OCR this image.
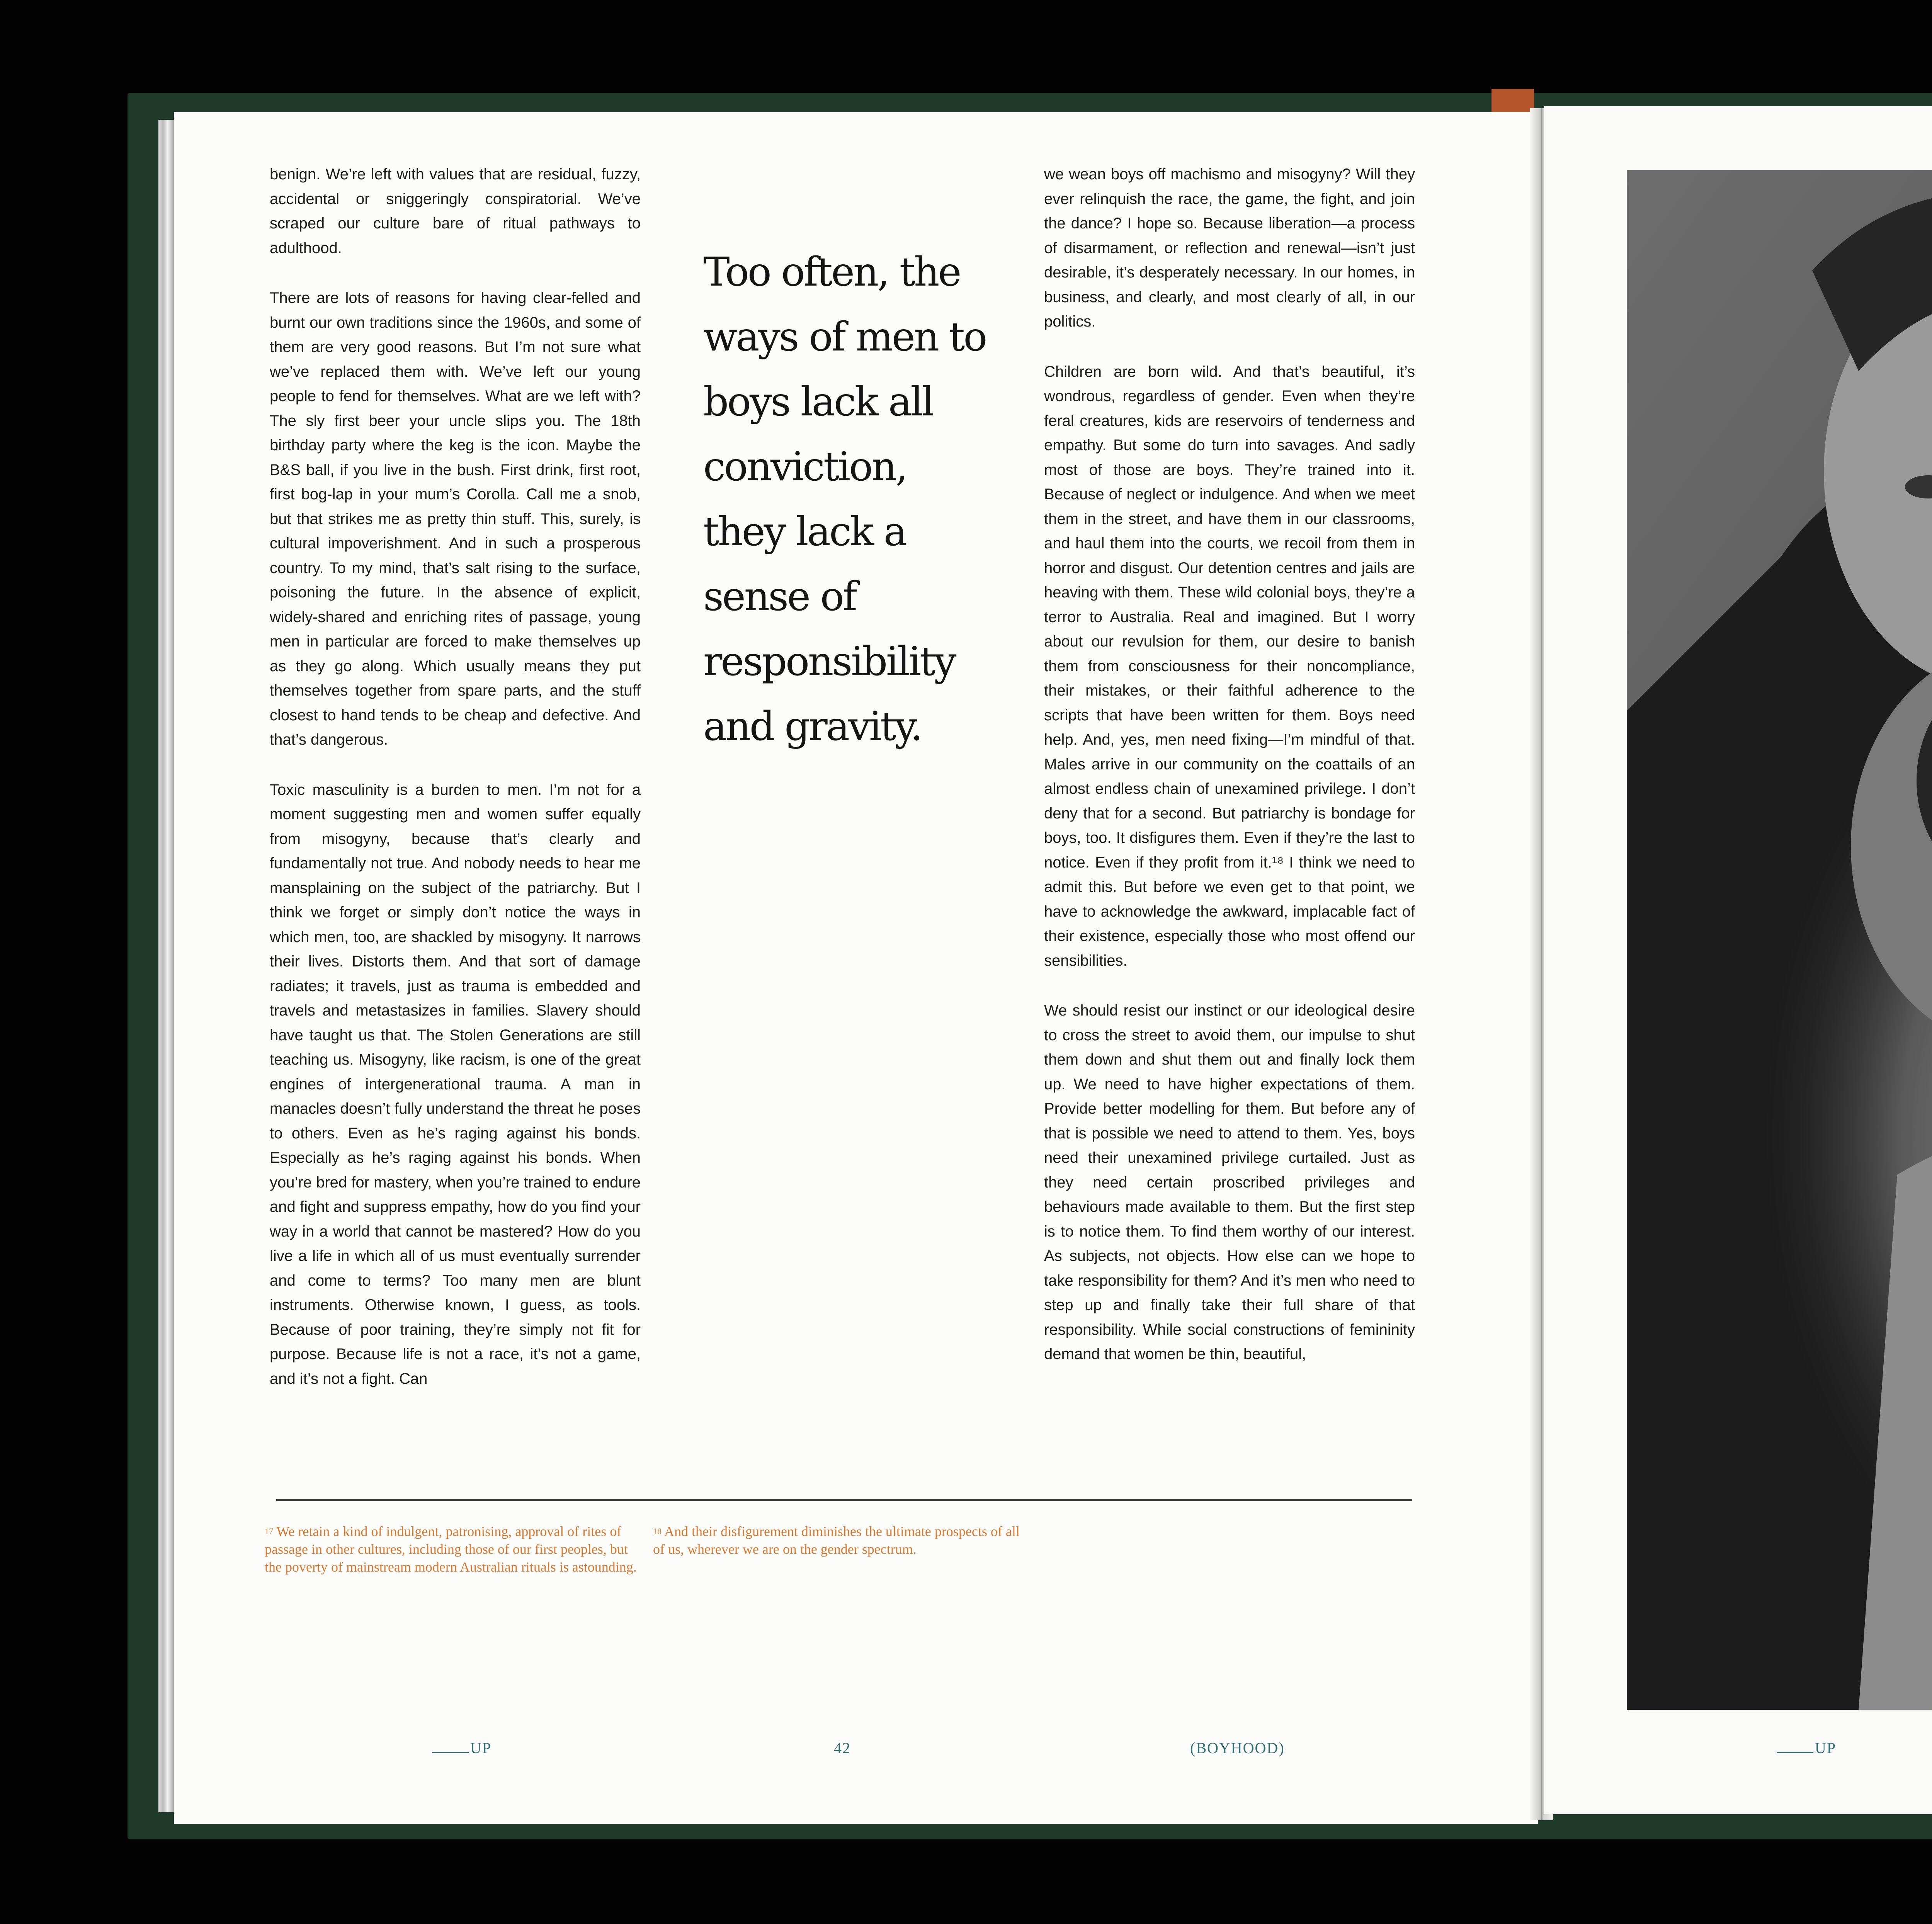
benign. We’re left with values that are residual, fuzzy, accidental or sniggeringly conspiratorial. We’ve scraped our culture bare of ritual pathways to adulthood.

There are lots of reasons for having clear-felled and burnt our own traditions since the 1960s, and some of them are very good reasons. But I’m not sure what we’ve replaced them with. We’ve left our young people to fend for themselves. What are we left with? The sly first beer your uncle slips you. The 18th birthday party where the keg is the icon. Maybe the B&S ball, if you live in the bush. First drink, first root, first bog-lap in your mum’s Corolla. Call me a snob, but that strikes me as pretty thin stuff. This, surely, is cultural impoverishment. And in such a prosperous country. To my mind, that’s salt rising to the surface, poisoning the future. In the absence of explicit, widely-shared and enriching rites of passage, young men in particular are forced to make themselves up as they go along. Which usually means they put themselves together from spare parts, and the stuff closest to hand tends to be cheap and defective. And that’s dangerous.

Toxic masculinity is a burden to men. I’m not for a moment suggesting men and women suffer equally from misogyny, because that’s clearly and fundamentally not true. And nobody needs to hear me mansplaining on the subject of the patriarchy. But I think we forget or simply don’t notice the ways in which men, too, are shackled by misogyny. It narrows their lives. Distorts them. And that sort of damage radiates; it travels, just as trauma is embedded and travels and metastasizes in families. Slavery should have taught us that. The Stolen Generations are still teaching us. Misogyny, like racism, is one of the great engines of intergenerational trauma. A man in manacles doesn’t fully understand the threat he poses to others. Even as he’s raging against his bonds. Especially as he’s raging against his bonds. When you’re bred for mastery, when you’re trained to endure and fight and suppress empathy, how do you find your way in a world that cannot be mastered? How do you live a life in which all of us must eventually surrender and come to terms? Too many men are blunt instruments. Otherwise known, I guess, as tools. Because of poor training, they’re simply not fit for purpose. Because life is not a race, it’s not a game, and it’s not a fight. Can

Too often, the ways of men to boys lack all conviction, they lack a sense of responsibility and gravity.

we wean boys off machismo and misogyny? Will they ever relinquish the race, the game, the fight, and join the dance? I hope so. Because liberation—a process of disarmament, or reflection and renewal—isn’t just desirable, it’s desperately necessary. In our homes, in business, and clearly, and most clearly of all, in our politics.

Children are born wild. And that’s beautiful, it’s wondrous, regardless of gender. Even when they’re feral creatures, kids are reservoirs of tenderness and empathy. But some do turn into savages. And sadly most of those are boys. They’re trained into it. Because of neglect or indulgence. And when we meet them in the street, and have them in our classrooms, and haul them into the courts, we recoil from them in horror and disgust. Our detention centres and jails are heaving with them. These wild colonial boys, they’re a terror to Australia. Real and imagined. But I worry about our revulsion for them, our desire to banish them from consciousness for their noncompliance, their mistakes, or their faithful adherence to the scripts that have been written for them. Boys need help. And, yes, men need fixing—I’m mindful of that. Males arrive in our community on the coattails of an almost endless chain of unexamined privilege. I don’t deny that for a second. But patriarchy is bondage for boys, too. It disfigures them. Even if they’re the last to notice. Even if they profit from it.¹⁸ I think we need to admit this. But before we even get to that point, we have to acknowledge the awkward, implacable fact of their existence, especially those who most offend our sensibilities.

We should resist our instinct or our ideological desire to cross the street to avoid them, our impulse to shut them down and shut them out and finally lock them up. We need to have higher expectations of them. Provide better modelling for them. But before any of that is possible we need to attend to them. Yes, boys need their unexamined privilege curtailed. Just as they need certain proscribed privileges and behaviours made available to them. But the first step is to notice them. To find them worthy of our interest. As subjects, not objects. How else can we hope to take responsibility for them? And it’s men who need to step up and finally take their full share of that responsibility. While social constructions of femininity demand that women be thin, beautiful,

$^{17}$ We retain a kind of indulgent, patronising, approval of rites of passage in other cultures, including those of our first peoples, but the poverty of mainstream modern Australian rituals is astounding.
$^{18}$ And their disfigurement diminishes the ultimate prospects of all of us, wherever we are on the gender spectrum.
UP	42	(BOYHOOD)	UP
